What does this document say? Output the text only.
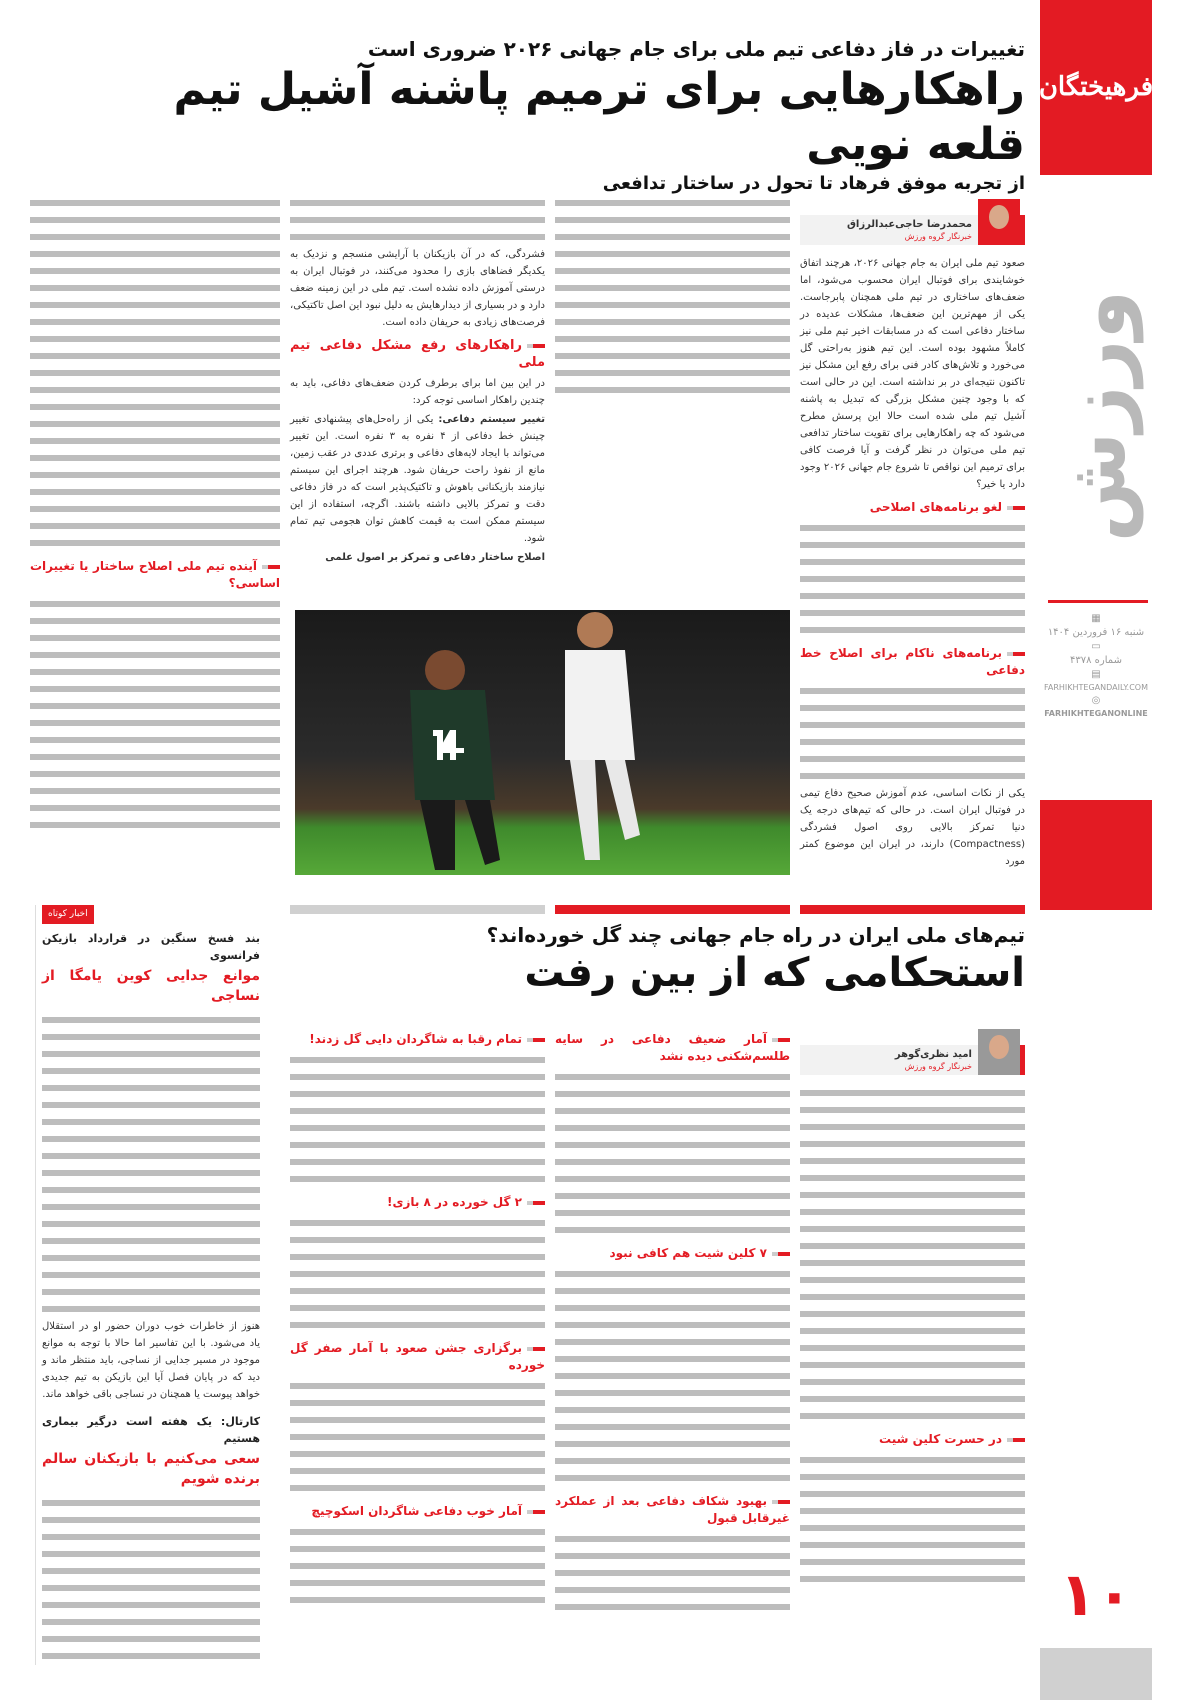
فرهیختگان
ورزش
▦
شنبه ۱۶ فروردین ۱۴۰۴
▭
شماره ۴۳۷۸
▤
FARHIKHTEGANDAILY.COM
◎
FARHIKHTEGANONLINE
۱۰
تغییرات در فاز دفاعی تیم ملی برای جام جهانی ۲۰۲۶ ضروری است
راهکارهایی برای ترمیم پاشنه آشیل تیم قلعه نویی
از تجربه موفق فرهاد تا تحول در ساختار تدافعی
محمدرضا حاجی‌عبدالرزاق
خبرنگار گروه ورزش

صعود تیم ملی ایران به جام جهانی ۲۰۲۶، هرچند اتفاق خوشایندی برای فوتبال ایران محسوب می‌شود، اما ضعف‌های ساختاری در تیم ملی همچنان پابرجاست. یکی از مهم‌ترین این ضعف‌ها، مشکلات عدیده در ساختار دفاعی است که در مسابقات اخیر تیم ملی نیز کاملاً مشهود بوده است. این تیم هنوز به‌راحتی گل می‌خورد و تلاش‌های کادر فنی برای رفع این مشکل نیز تاکنون نتیجه‌ای در بر نداشته است. این در حالی است که با وجود چنین مشکل بزرگی که تبدیل به پاشنه آشیل تیم ملی شده است حالا این پرسش مطرح می‌شود که چه راهکارهایی برای تقویت ساختار تدافعی تیم ملی می‌توان در نظر گرفت و آیا فرصت کافی برای ترمیم این نواقص تا شروع جام جهانی ۲۰۲۶ وجود دارد یا خیر؟

لغو برنامه‌های اصلاحی
برنامه‌های ناکام برای اصلاح خط دفاعی

یکی از نکات اساسی، عدم آموزش صحیح دفاع تیمی در فوتبال ایران است. در حالی که تیم‌های درجه یک دنیا تمرکز بالایی روی اصول فشردگی (Compactness) دارند، در ایران این موضوع کمتر مورد

فشردگی، که در آن بازیکنان با آرایشی منسجم و نزدیک به یکدیگر فضاهای بازی را محدود می‌کنند، در فوتبال ایران به درستی آموزش داده نشده است. تیم ملی در این زمینه ضعف دارد و در بسیاری از دیدارهایش به دلیل نبود این اصل تاکتیکی، فرصت‌های زیادی به حریفان داده است.

راهکارهای رفع مشکل دفاعی تیم ملی

در این بین اما برای برطرف کردن ضعف‌های دفاعی، باید به چندین راهکار اساسی توجه کرد:

تغییر سیستم دفاعی: یکی از راه‌حل‌های پیشنهادی تغییر چینش خط دفاعی از ۴ نفره به ۳ نفره است. این تغییر می‌تواند با ایجاد لایه‌های دفاعی و برتری عددی در عقب زمین، مانع از نفوذ راحت حریفان شود. هرچند اجرای این سیستم نیازمند بازیکنانی باهوش و تاکتیک‌پذیر است که در فاز دفاعی دقت و تمرکز بالایی داشته باشند. اگرچه، استفاده از این سیستم ممکن است به قیمت کاهش توان هجومی تیم تمام شود.

اصلاح ساختار دفاعی و تمرکز بر اصول علمی

آینده تیم ملی اصلاح ساختار یا تغییرات اساسی؟
تیم‌های ملی ایران در راه جام جهانی چند گل خورده‌اند؟
استحکامی که از بین رفت
امید نظری‌گوهر
خبرنگار گروه ورزش
در حسرت کلین شیت
آمار ضعیف دفاعی در سایه طلسم‌شکنی دیده نشد
۷ کلین شیت هم کافی نبود
بهبود شکاف دفاعی بعد از عملکرد غیرقابل قبول
تمام رقبا به شاگردان دایی گل زدند!
۲ گل خورده در ۸ بازی!
برگزاری جشن صعود با آمار صفر گل خورده
آمار خوب دفاعی شاگردان اسکوچیچ
اخبار کوتاه
بند فسخ سنگین در قرارداد بازیکن فرانسوی
موانع جدایی کوین یامگا از نساجی

هنوز از خاطرات خوب دوران حضور او در استقلال یاد می‌شود. با این تفاسیر اما حالا با توجه به موانع موجود در مسیر جدایی از نساجی، باید منتظر ماند و دید که در پایان فصل آیا این بازیکن به تیم جدیدی خواهد پیوست یا همچنان در نساجی باقی خواهد ماند.

کارتال: یک هفته است درگیر بیماری هستیم
سعی می‌کنیم با بازیکنان سالم برنده شویم
